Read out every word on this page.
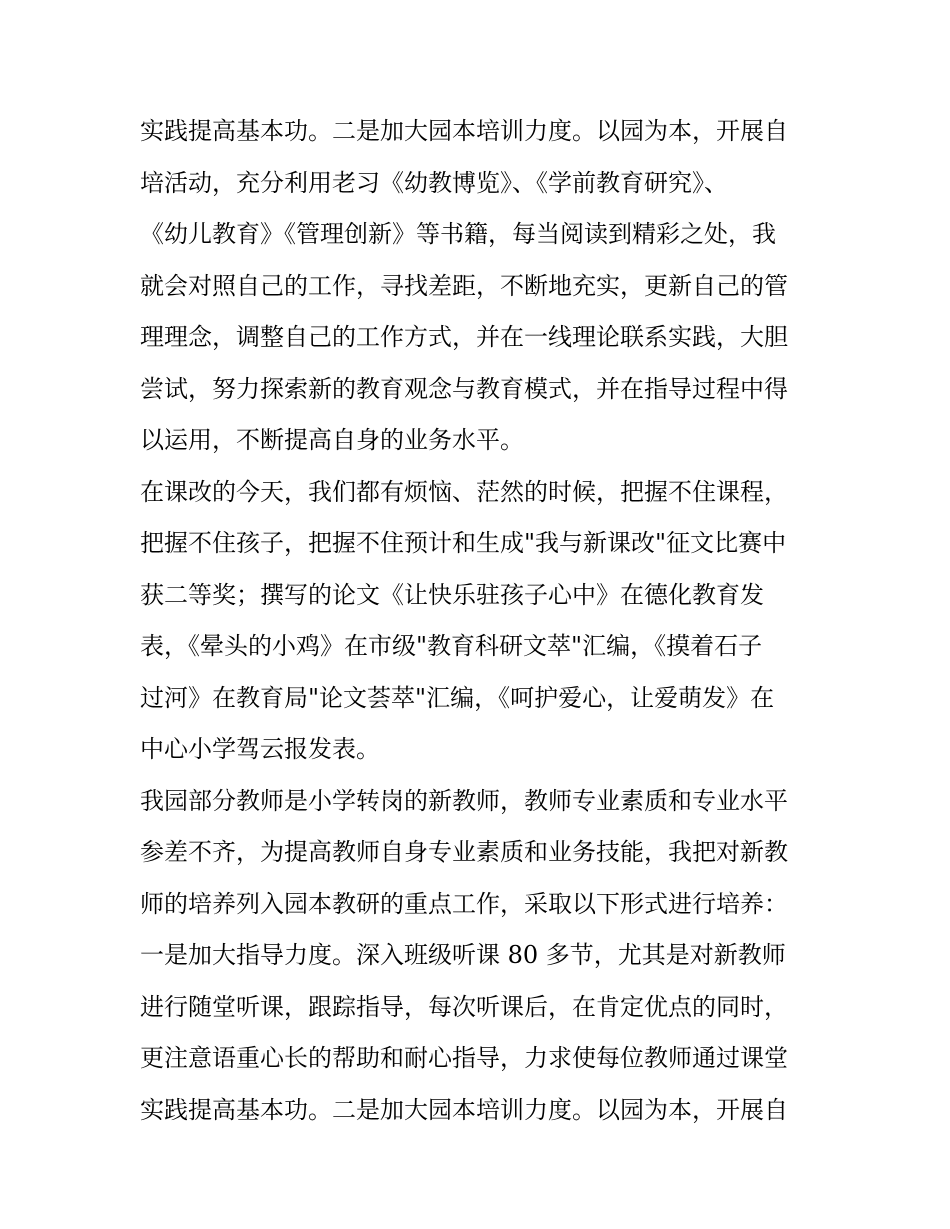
实践提高基本功。二是加大园本培训力度。以园为本，开展自
培活动，充分利用老习《幼教博览》、《学前教育研究》、
《幼儿教育》《管理创新》等书籍，每当阅读到精彩之处，我
就会对照自己的工作，寻找差距，不断地充实，更新自己的管
理理念，调整自己的工作方式，并在一线理论联系实践，大胆
尝试，努力探索新的教育观念与教育模式，并在指导过程中得
以运用，不断提高自身的业务水平。
在课改的今天，我们都有烦恼、茫然的时候，把握不住课程，
把握不住孩子，把握不住预计和生成"我与新课改"征文比赛中
获二等奖；撰写的论文《让快乐驻孩子心中》在德化教育发
表，《晕头的小鸡》在市级"教育科研文萃"汇编，《摸着石子
过河》在教育局"论文荟萃"汇编，《呵护爱心，让爱萌发》在
中心小学驾云报发表。
我园部分教师是小学转岗的新教师，教师专业素质和专业水平
参差不齐，为提高教师自身专业素质和业务技能，我把对新教
师的培养列入园本教研的重点工作，采取以下形式进行培养：
一是加大指导力度。深入班级听课 80 多节，尤其是对新教师
进行随堂听课，跟踪指导，每次听课后，在肯定优点的同时，
更注意语重心长的帮助和耐心指导，力求使每位教师通过课堂
实践提高基本功。二是加大园本培训力度。以园为本，开展自
